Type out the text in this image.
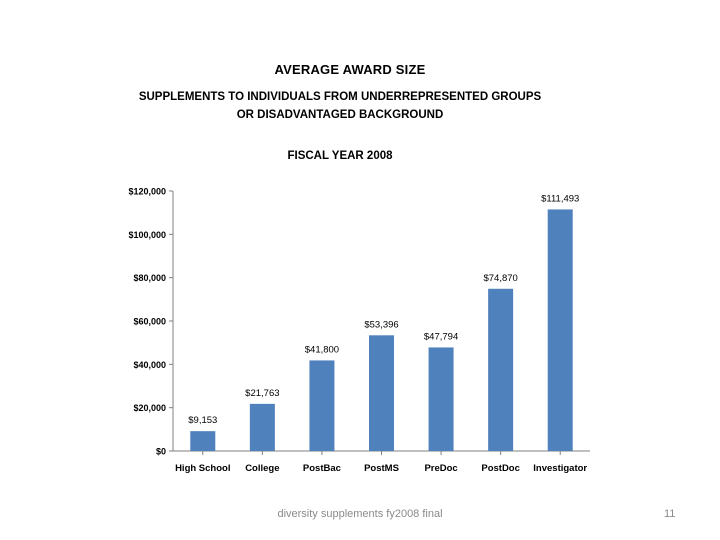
AVERAGE AWARD SIZE
SUPPLEMENTS TO INDIVIDUALS FROM UNDERREPRESENTED GROUPS
OR DISADVANTAGED BACKGROUND
FISCAL YEAR 2008
$0
$20,000
$40,000
$60,000
$80,000
$100,000
$120,000
$9,153
High School
$21,763
College
$41,800
PostBac
$53,396
PostMS
$47,794
PreDoc
$74,870
PostDoc
$111,493
Investigator
diversity supplements fy2008 final	11
